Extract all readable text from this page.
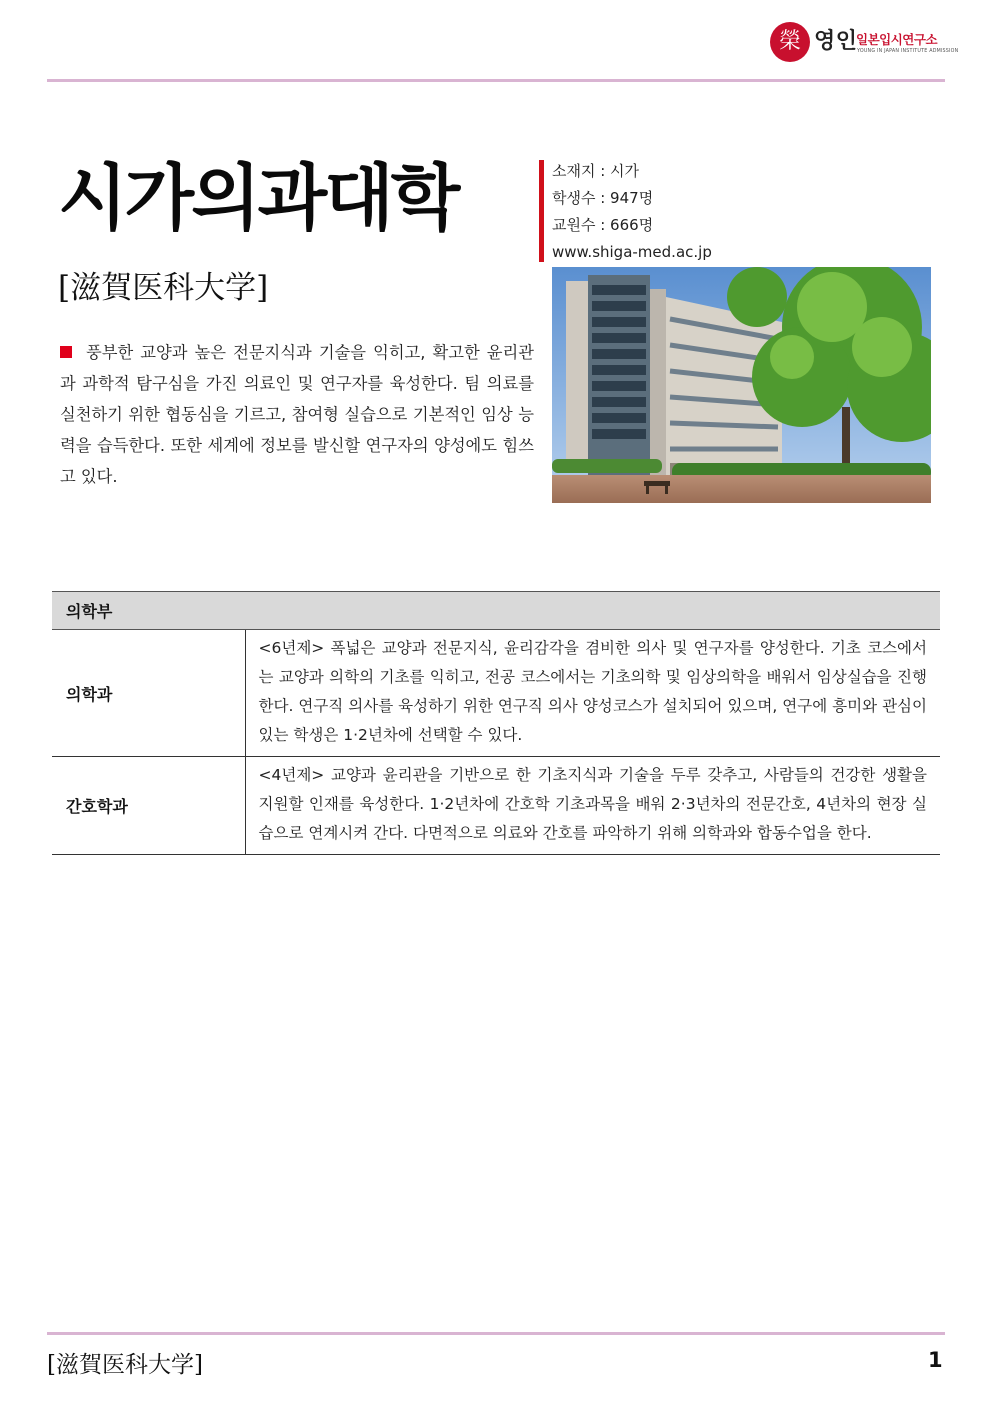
榮 영인
일본입시연구소
YOUNG IN JAPAN INSTITUTE ADMISSION
시가의과대학
[滋賀医科大学]
소재지 : 시가
학생수 : 947명
교원수 : 666명
www.shiga-med.ac.jp
풍부한 교양과 높은 전문지식과 기술을 익히고, 확고한 윤리관과 과학적 탐구심을 가진 의료인 및 연구자를 육성한다. 팀 의료를 실천하기 위한 협동심을 기르고, 참여형 실습으로 기본적인 임상 능력을 습득한다. 또한 세계에 정보를 발신할 연구자의 양성에도 힘쓰고 있다.
의학부	
의학과	<6년제> 폭넓은 교양과 전문지식, 윤리감각을 겸비한 의사 및 연구자를 양성한다. 기초 코스에서는 교양과 의학의 기초를 익히고, 전공 코스에서는 기초의학 및 임상의학을 배워서 임상실습을 진행한다. 연구직 의사를 육성하기 위한 연구직 의사 양성코스가 설치되어 있으며, 연구에 흥미와 관심이 있는 학생은 1·2년차에 선택할 수 있다.
간호학과	<4년제> 교양과 윤리관을 기반으로 한 기초지식과 기술을 두루 갖추고, 사람들의 건강한 생활을 지원할 인재를 육성한다. 1·2년차에 간호학 기초과목을 배워 2·3년차의 전문간호, 4년차의 현장 실습으로 연계시켜 간다. 다면적으로 의료와 간호를 파악하기 위해 의학과와 합동수업을 한다.
[滋賀医科大学]	1
